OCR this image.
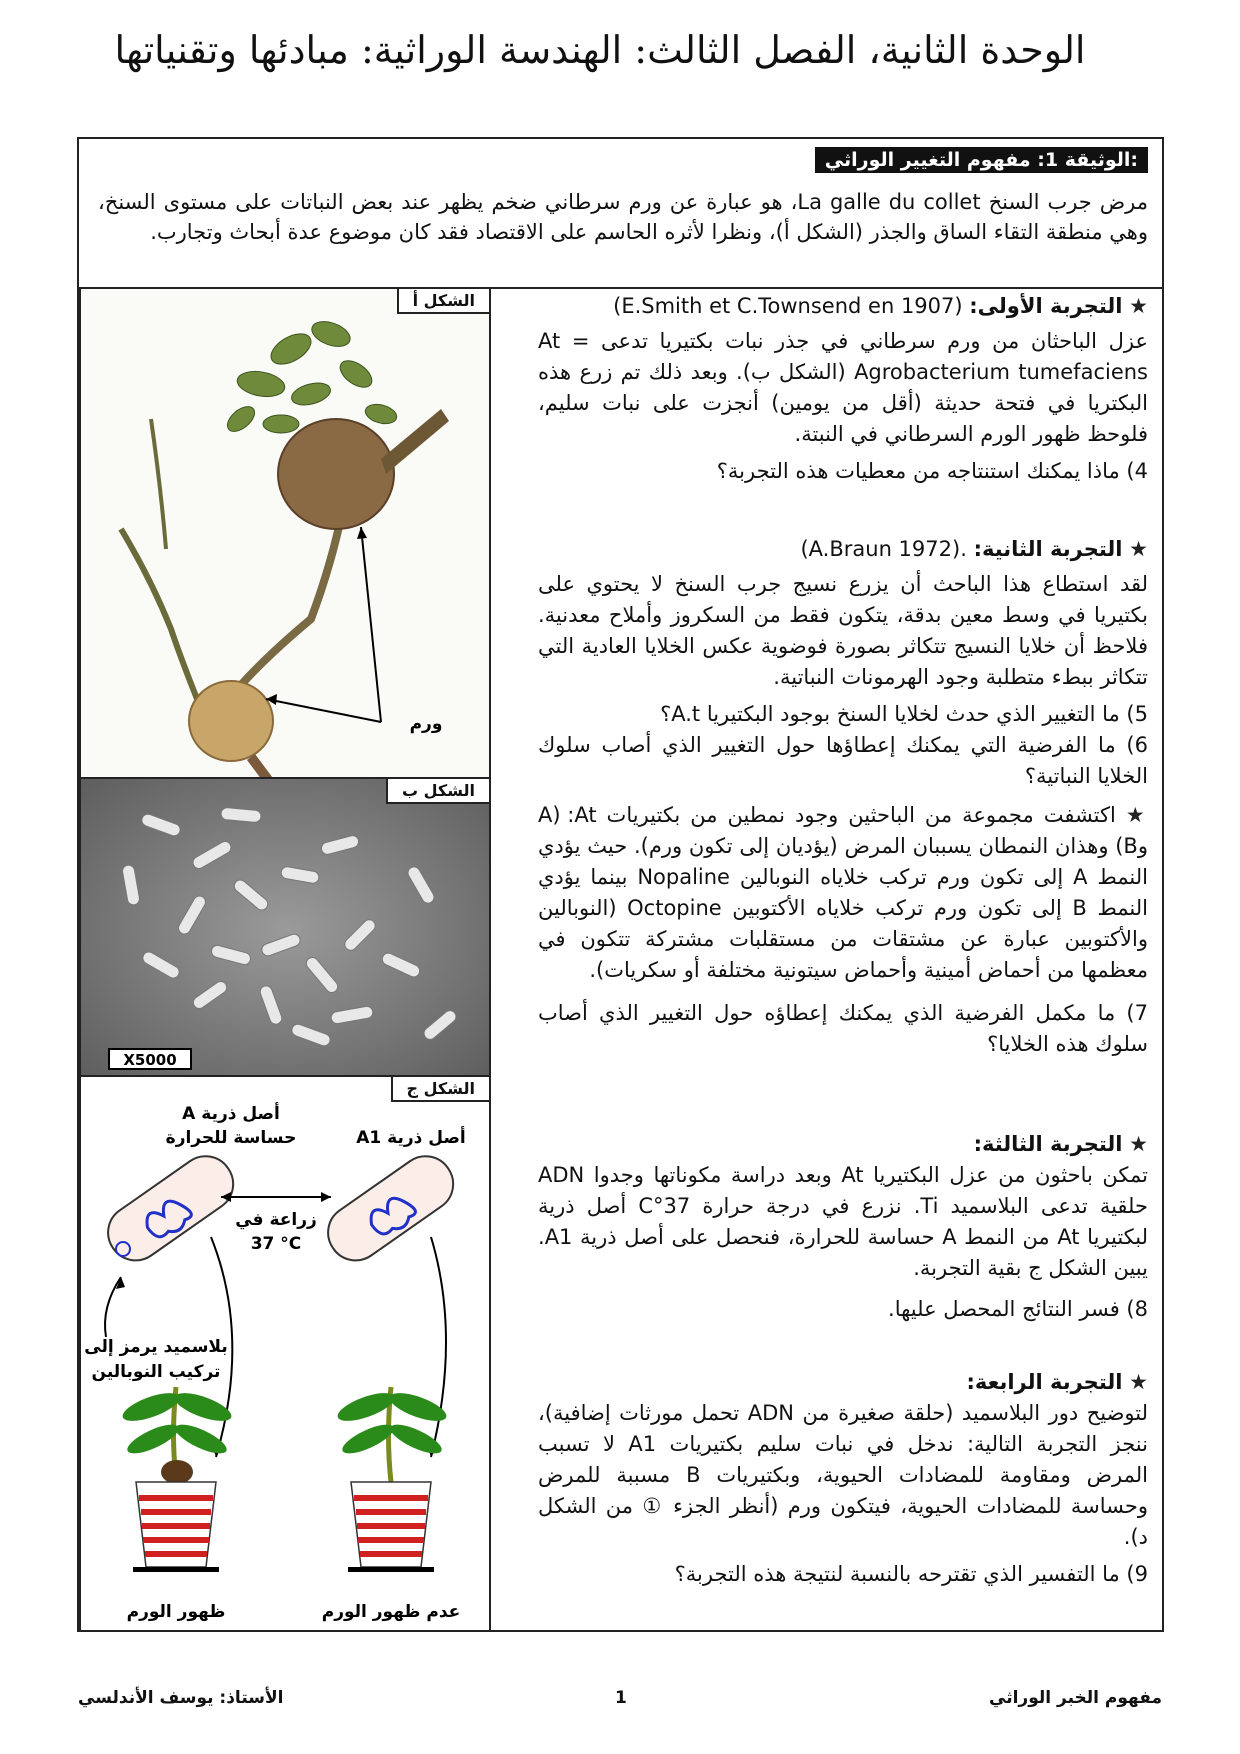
الوحدة الثانية، الفصل الثالث: الهندسة الوراثية: مبادئها وتقنياتها
الوثيقة 1: مفهوم التغيير الوراثي:
مرض جرب السنخ La galle du collet، هو عبارة عن ورم سرطاني ضخم يظهر عند بعض النباتات على مستوى السنخ، وهي منطقة التقاء الساق والجذر (الشكل أ)، ونظرا لأثره الحاسم على الاقتصاد فقد كان موضوع عدة أبحاث وتجارب.
★ التجربة الأولى: (E.Smith et C.Townsend en 1907)
عزل الباحثان من ورم سرطاني في جذر نبات بكتيريا تدعى At = Agrobacterium tumefaciens (الشكل ب). وبعد ذلك تم زرع هذه البكتريا في فتحة حديثة (أقل من يومين) أنجزت على نبات سليم، فلوحظ ظهور الورم السرطاني في النبتة.
4) ماذا يمكنك استنتاجه من معطيات هذه التجربة؟
★ التجربة الثانية: (A.Braun 1972).
لقد استطاع هذا الباحث أن يزرع نسيج جرب السنخ لا يحتوي على بكتيريا في وسط معين بدقة، يتكون فقط من السكروز وأملاح معدنية. فلاحظ أن خلايا النسيج تتكاثر بصورة فوضوية عكس الخلايا العادية التي تتكاثر ببطء متطلبة وجود الهرمونات النباتية.
5) ما التغيير الذي حدث لخلايا السنخ بوجود البكتيريا A.t؟
6) ما الفرضية التي يمكنك إعطاؤها حول التغيير الذي أصاب سلوك الخلايا النباتية؟
★ اكتشفت مجموعة من الباحثين وجود نمطين من بكتيريات At: (A وB) وهذان النمطان يسببان المرض (يؤديان إلى تكون ورم). حيث يؤدي النمط A إلى تكون ورم تركب خلاياه النوبالين Nopaline بينما يؤدي النمط B إلى تكون ورم تركب خلاياه الأكتوبين Octopine (النوبالين والأكتوبين عبارة عن مشتقات من مستقلبات مشتركة تتكون في معظمها من أحماض أمينية وأحماض سيتونية مختلفة أو سكريات).
7) ما مكمل الفرضية الذي يمكنك إعطاؤه حول التغيير الذي أصاب سلوك هذه الخلايا؟
★ التجربة الثالثة:
تمكن باحثون من عزل البكتيريا At وبعد دراسة مكوناتها وجدوا ADN حلقية تدعى البلاسميد Ti. نزرع في درجة حرارة 37°C أصل ذرية لبكتيريا At من النمط A حساسة للحرارة، فنحصل على أصل ذرية A1. يبين الشكل ج بقية التجربة.
8) فسر النتائج المحصل عليها.
★ التجربة الرابعة:
لتوضيح دور البلاسميد (حلقة صغيرة من ADN تحمل مورثات إضافية)، ننجز التجربة التالية: ندخل في نبات سليم بكتيريات A1 لا تسبب المرض ومقاومة للمضادات الحيوية، وبكتيريات B مسببة للمرض وحساسة للمضادات الحيوية، فيتكون ورم (أنظر الجزء ① من الشكل د).
9) ما التفسير الذي تقترحه بالنسبة لنتيجة هذه التجربة؟
ورم
الشكل أ
X5000
الشكل ب
أصل ذرية A
حساسة للحرارة	أصل ذرية A1
زراعة في
37 °C
بلاسميد يرمز إلى
تركيب النوبالين
ظهور الورم	عدم ظهور الورم
الشكل ج
مفهوم الخبر الوراثي
1
الأستاذ: يوسف الأندلسي
